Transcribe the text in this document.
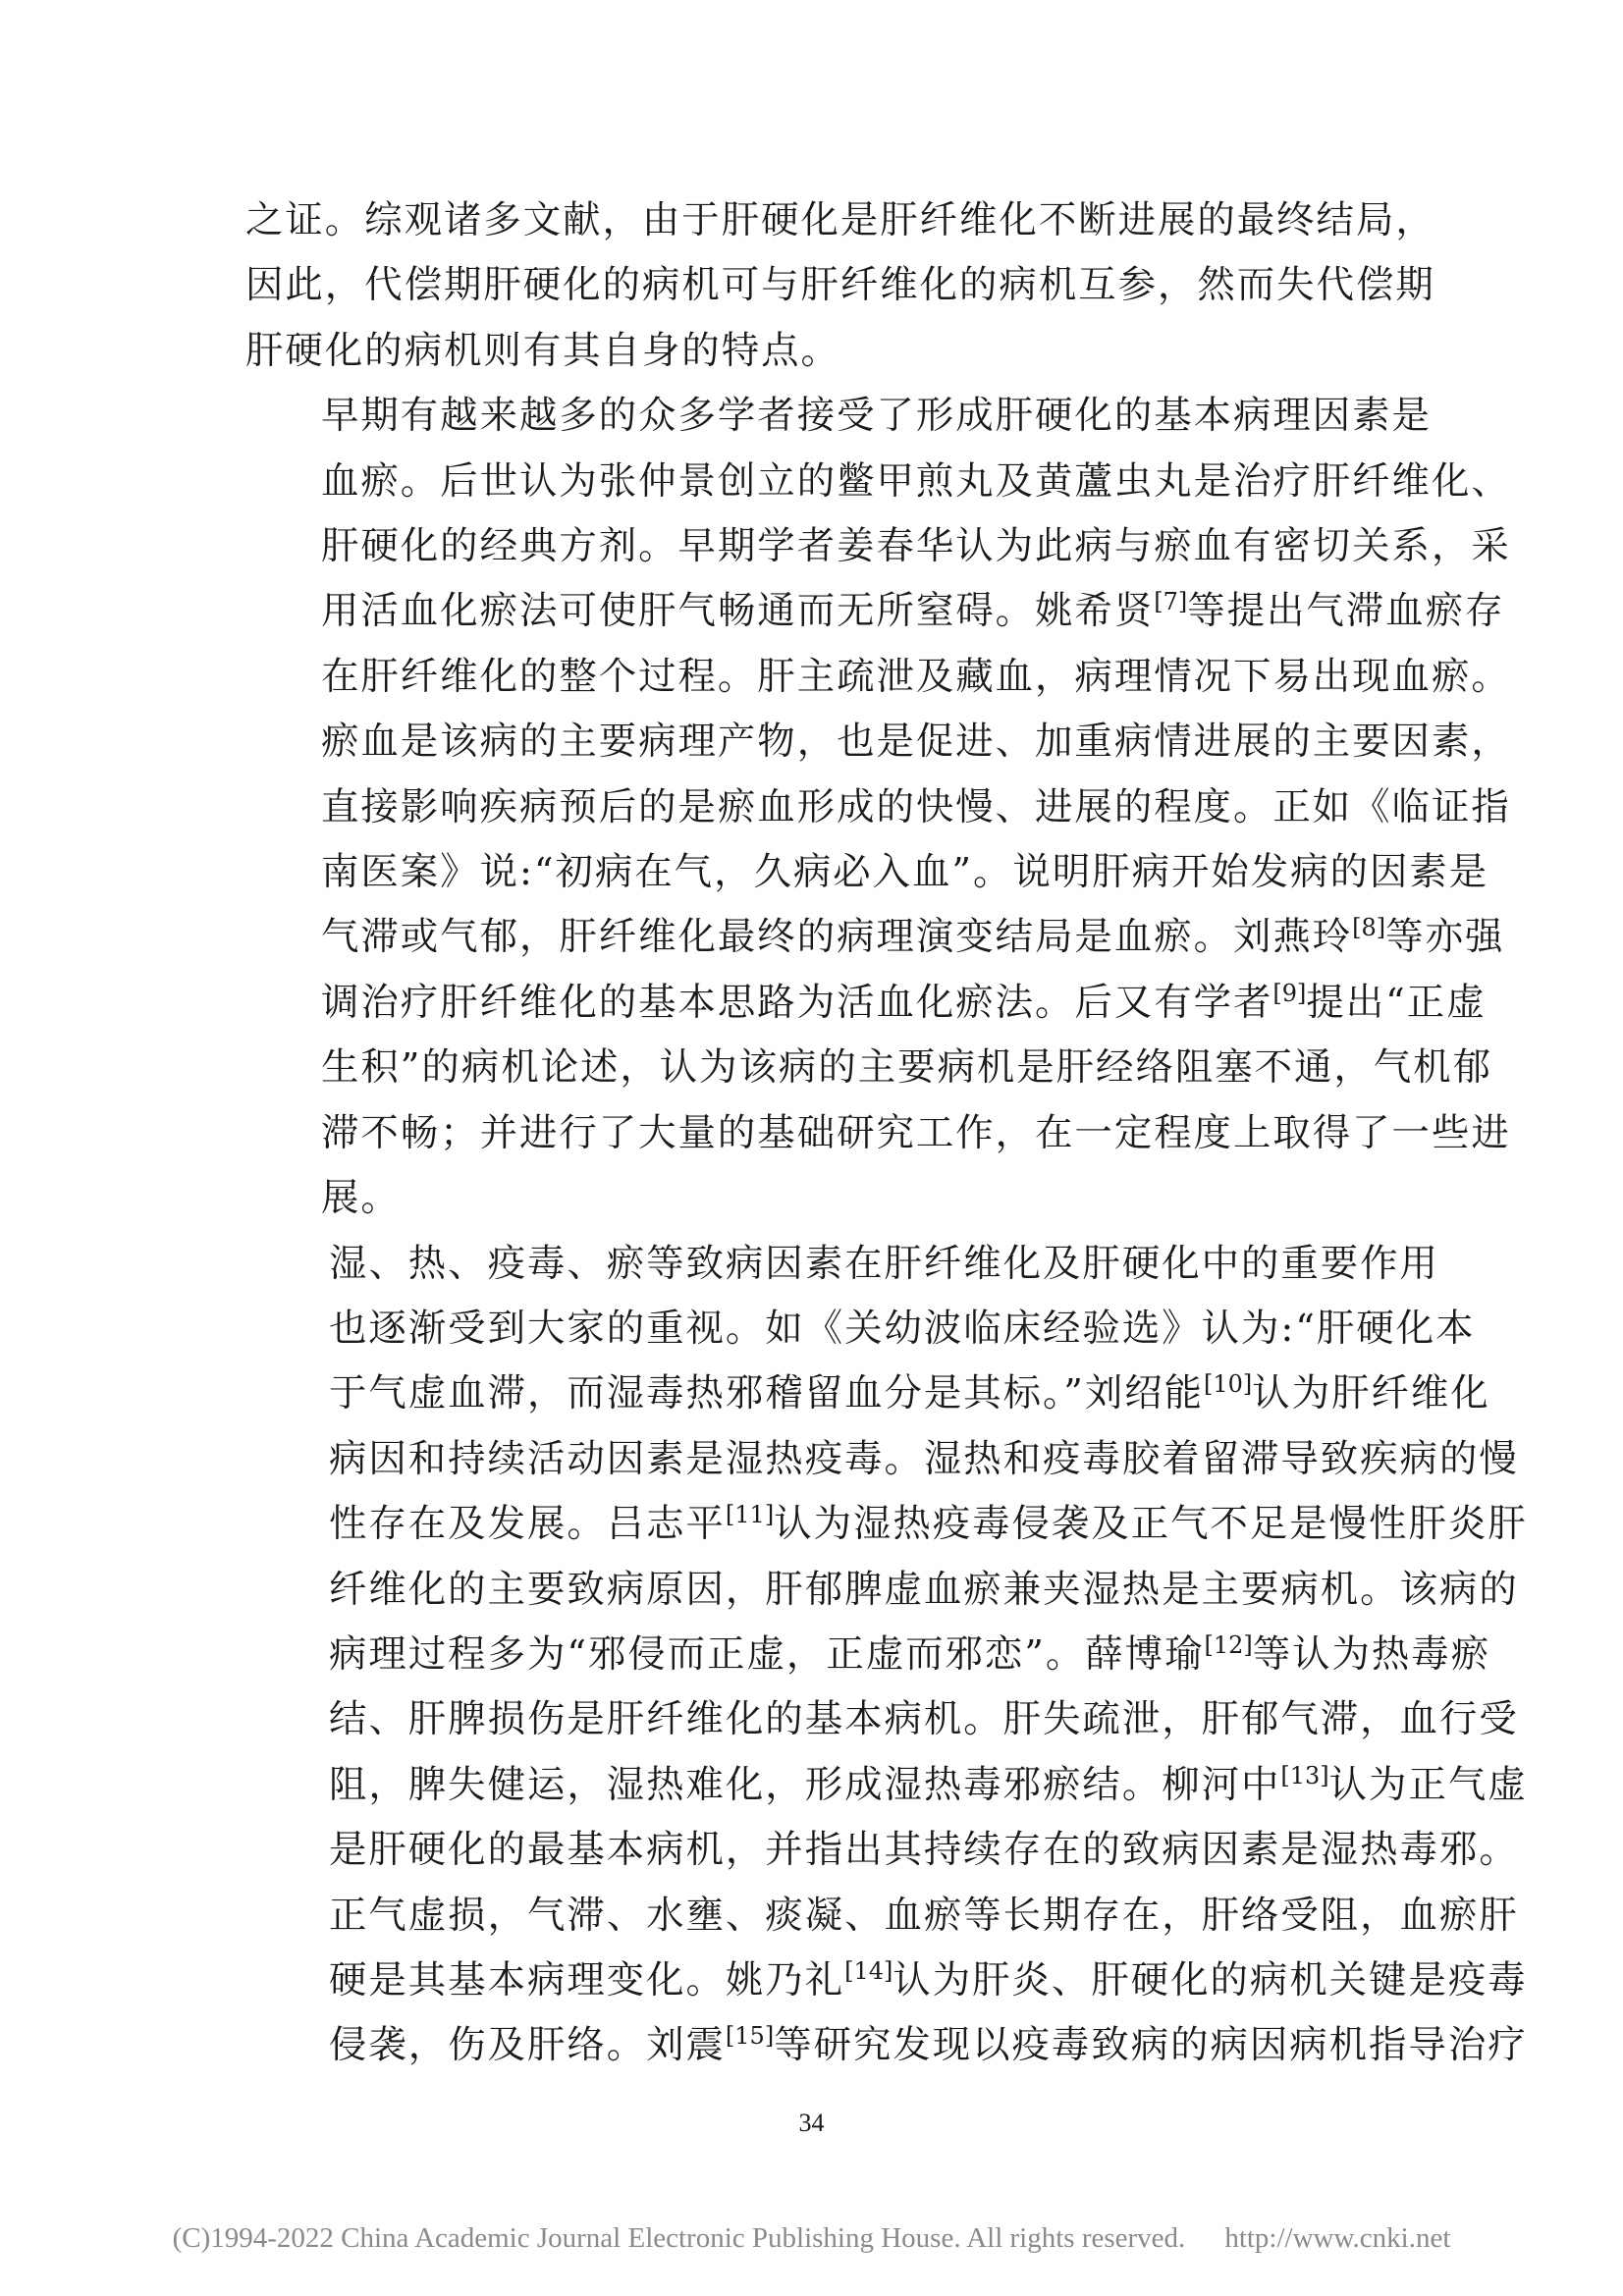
之证。综观诸多文献，由于肝硬化是肝纤维化不断进展的最终结局，
因此，代偿期肝硬化的病机可与肝纤维化的病机互参，然而失代偿期
肝硬化的病机则有其自身的特点。
早期有越来越多的众多学者接受了形成肝硬化的基本病理因素是
血瘀。后世认为张仲景创立的鳖甲煎丸及黄蘆虫丸是治疗肝纤维化、
肝硬化的经典方剂。早期学者姜春华认为此病与瘀血有密切关系，采
用活血化瘀法可使肝气畅通而无所窒碍。姚希贤[7]等提出气滞血瘀存
在肝纤维化的整个过程。肝主疏泄及藏血，病理情况下易出现血瘀。
瘀血是该病的主要病理产物，也是促进、加重病情进展的主要因素，
直接影响疾病预后的是瘀血形成的快慢、进展的程度。正如《临证指
南医案》说:“初病在气，久病必入血”。说明肝病开始发病的因素是
气滞或气郁，肝纤维化最终的病理演变结局是血瘀。刘燕玲[8]等亦强
调治疗肝纤维化的基本思路为活血化瘀法。后又有学者[9]提出“正虚
生积”的病机论述，认为该病的主要病机是肝经络阻塞不通，气机郁
滞不畅；并进行了大量的基础研究工作，在一定程度上取得了一些进
展。
湿、热、疫毒、瘀等致病因素在肝纤维化及肝硬化中的重要作用
也逐渐受到大家的重视。如《关幼波临床经验选》认为:“肝硬化本
于气虚血滞，而湿毒热邪稽留血分是其标。”刘绍能[10]认为肝纤维化
病因和持续活动因素是湿热疫毒。湿热和疫毒胶着留滞导致疾病的慢
性存在及发展。吕志平[11]认为湿热疫毒侵袭及正气不足是慢性肝炎肝
纤维化的主要致病原因，肝郁脾虚血瘀兼夹湿热是主要病机。该病的
病理过程多为“邪侵而正虚，正虚而邪恋”。薛博瑜[12]等认为热毒瘀
结、肝脾损伤是肝纤维化的基本病机。肝失疏泄，肝郁气滞，血行受
阻，脾失健运，湿热难化，形成湿热毒邪瘀结。柳河中[13]认为正气虚
是肝硬化的最基本病机，并指出其持续存在的致病因素是湿热毒邪。
正气虚损，气滞、水壅、痰凝、血瘀等长期存在，肝络受阻，血瘀肝
硬是其基本病理变化。姚乃礼[14]认为肝炎、肝硬化的病机关键是疫毒
侵袭，伤及肝络。刘震[15]等研究发现以疫毒致病的病因病机指导治疗
34
(C)1994-2022 China Academic Journal Electronic Publishing House. All rights reserved. http://www.cnki.net
